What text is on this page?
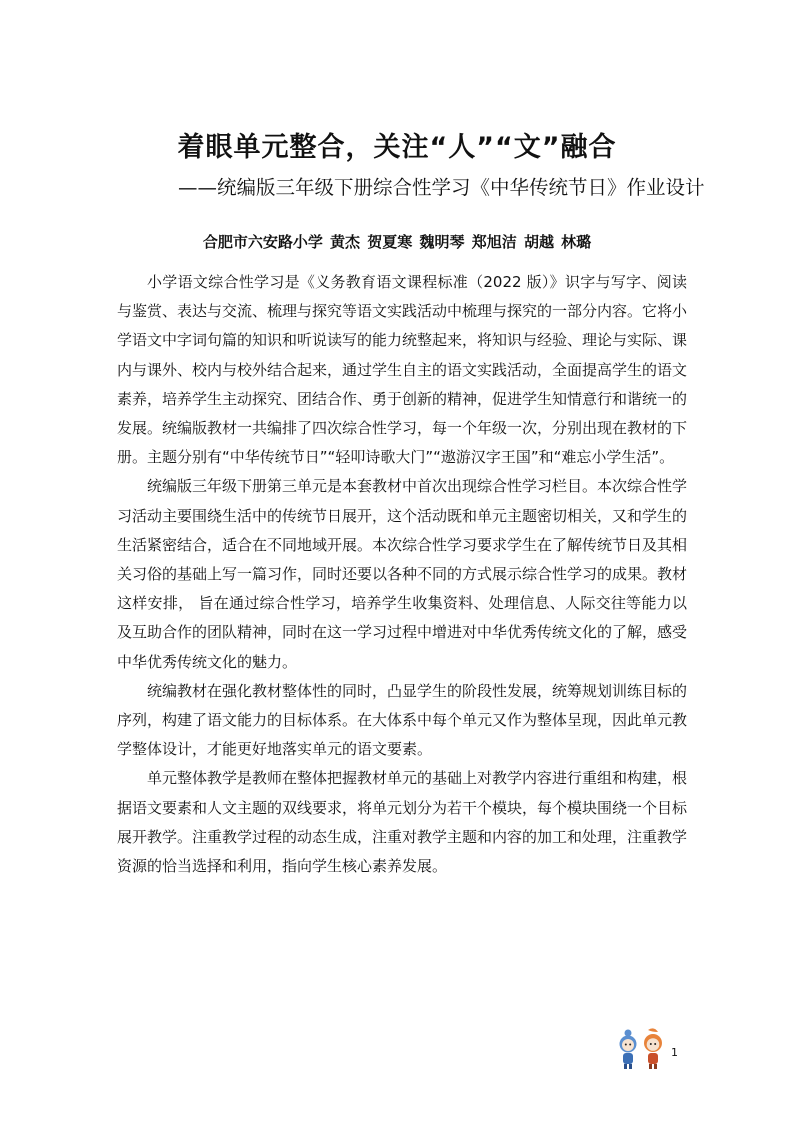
着眼单元整合，关注“人”“文”融合
——统编版三年级下册综合性学习《中华传统节日》作业设计
合肥市六安路小学 黄杰 贺夏寒 魏明琴 郑旭洁 胡越 林璐

小学语文综合性学习是《义务教育语文课程标准（2022 版）》识字与写字、阅读与鉴赏、表达与交流、梳理与探究等语文实践活动中梳理与探究的一部分内容。它将小学语文中字词句篇的知识和听说读写的能力统整起来，将知识与经验、理论与实际、课内与课外、校内与校外结合起来，通过学生自主的语文实践活动，全面提高学生的语文素养，培养学生主动探究、团结合作、勇于创新的精神，促进学生知情意行和谐统一的发展。统编版教材一共编排了四次综合性学习，每一个年级一次，分别出现在教材的下册。主题分别有“中华传统节日”“轻叩诗歌大门”“遨游汉字王国”和“难忘小学生活”。

统编版三年级下册第三单元是本套教材中首次出现综合性学习栏目。本次综合性学习活动主要围绕生活中的传统节日展开，这个活动既和单元主题密切相关，又和学生的生活紧密结合，适合在不同地域开展。本次综合性学习要求学生在了解传统节日及其相关习俗的基础上写一篇习作，同时还要以各种不同的方式展示综合性学习的成果。教材这样安排， 旨在通过综合性学习，培养学生收集资料、处理信息、人际交往等能力以及互助合作的团队精神，同时在这一学习过程中增进对中华优秀传统文化的了解，感受中华优秀传统文化的魅力。

统编教材在强化教材整体性的同时，凸显学生的阶段性发展，统筹规划训练目标的序列，构建了语文能力的目标体系。在大体系中每个单元又作为整体呈现，因此单元教学整体设计，才能更好地落实单元的语文要素。

单元整体教学是教师在整体把握教材单元的基础上对教学内容进行重组和构建，根据语文要素和人文主题的双线要求，将单元划分为若干个模块，每个模块围绕一个目标展开教学。注重教学过程的动态生成，注重对教学主题和内容的加工和处理，注重教学资源的恰当选择和利用，指向学生核心素养发展。

1
